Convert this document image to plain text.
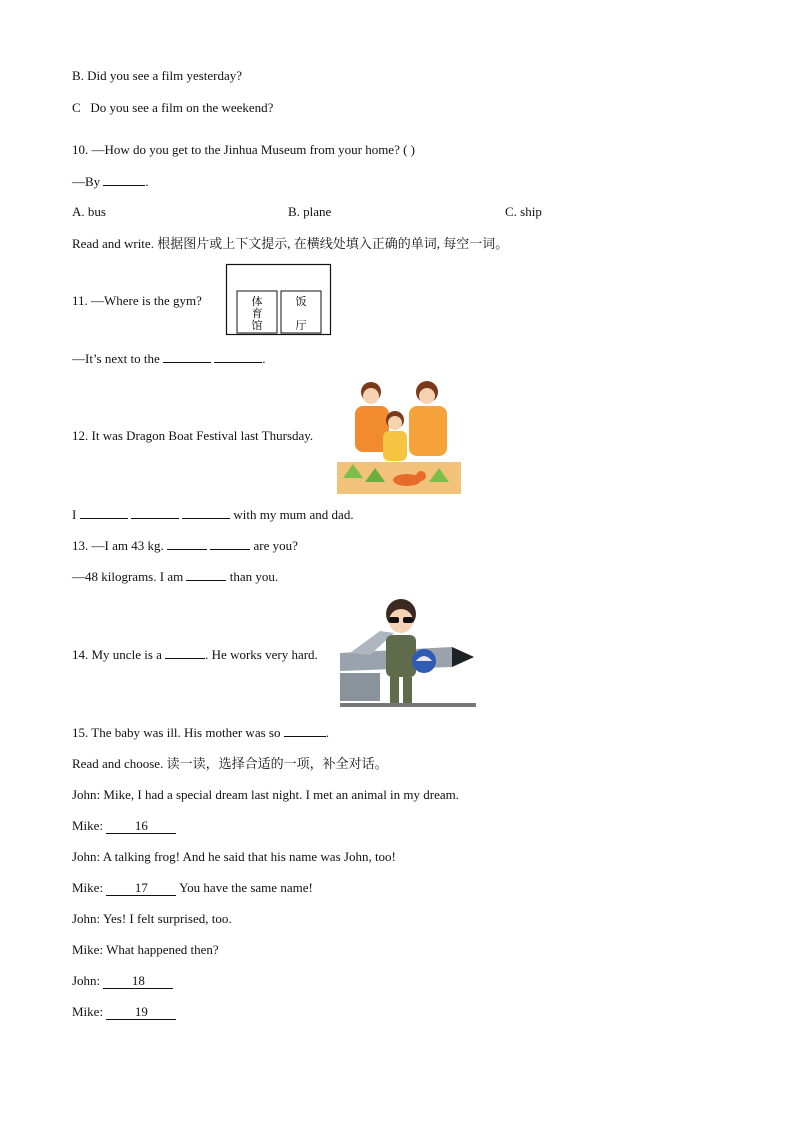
B. Did you see a film yesterday?
C Do you see a film on the weekend?
10. —How do you get to the Jinhua Museum from your home? ( )
—By	.
A. bus	B. plane	C. ship
Read and write. 根据图片或上下文提示, 在横线处填入正确的单词, 每空一词。
11. —Where is the gym?	体
育
馆
饭
厅
—It’s next to the	.
12. It was Dragon Boat Festival last Thursday.
I	with my mum and dad.
13. —I am 43 kg.	are you?
—48 kilograms. I am	than you.
14. My uncle is a	. He works very hard.
15. The baby was ill. His mother was so	.
Read and choose. 读一读，选择合适的一项，补全对话。
John: Mike, I had a special dream last night. I met an animal in my dream.
Mike: 16
John: A talking frog! And he said that his name was John, too!
Mike: 17 You have the same name!
John: Yes! I felt surprised, too.
Mike: What happened then?
John: 18
Mike: 19
